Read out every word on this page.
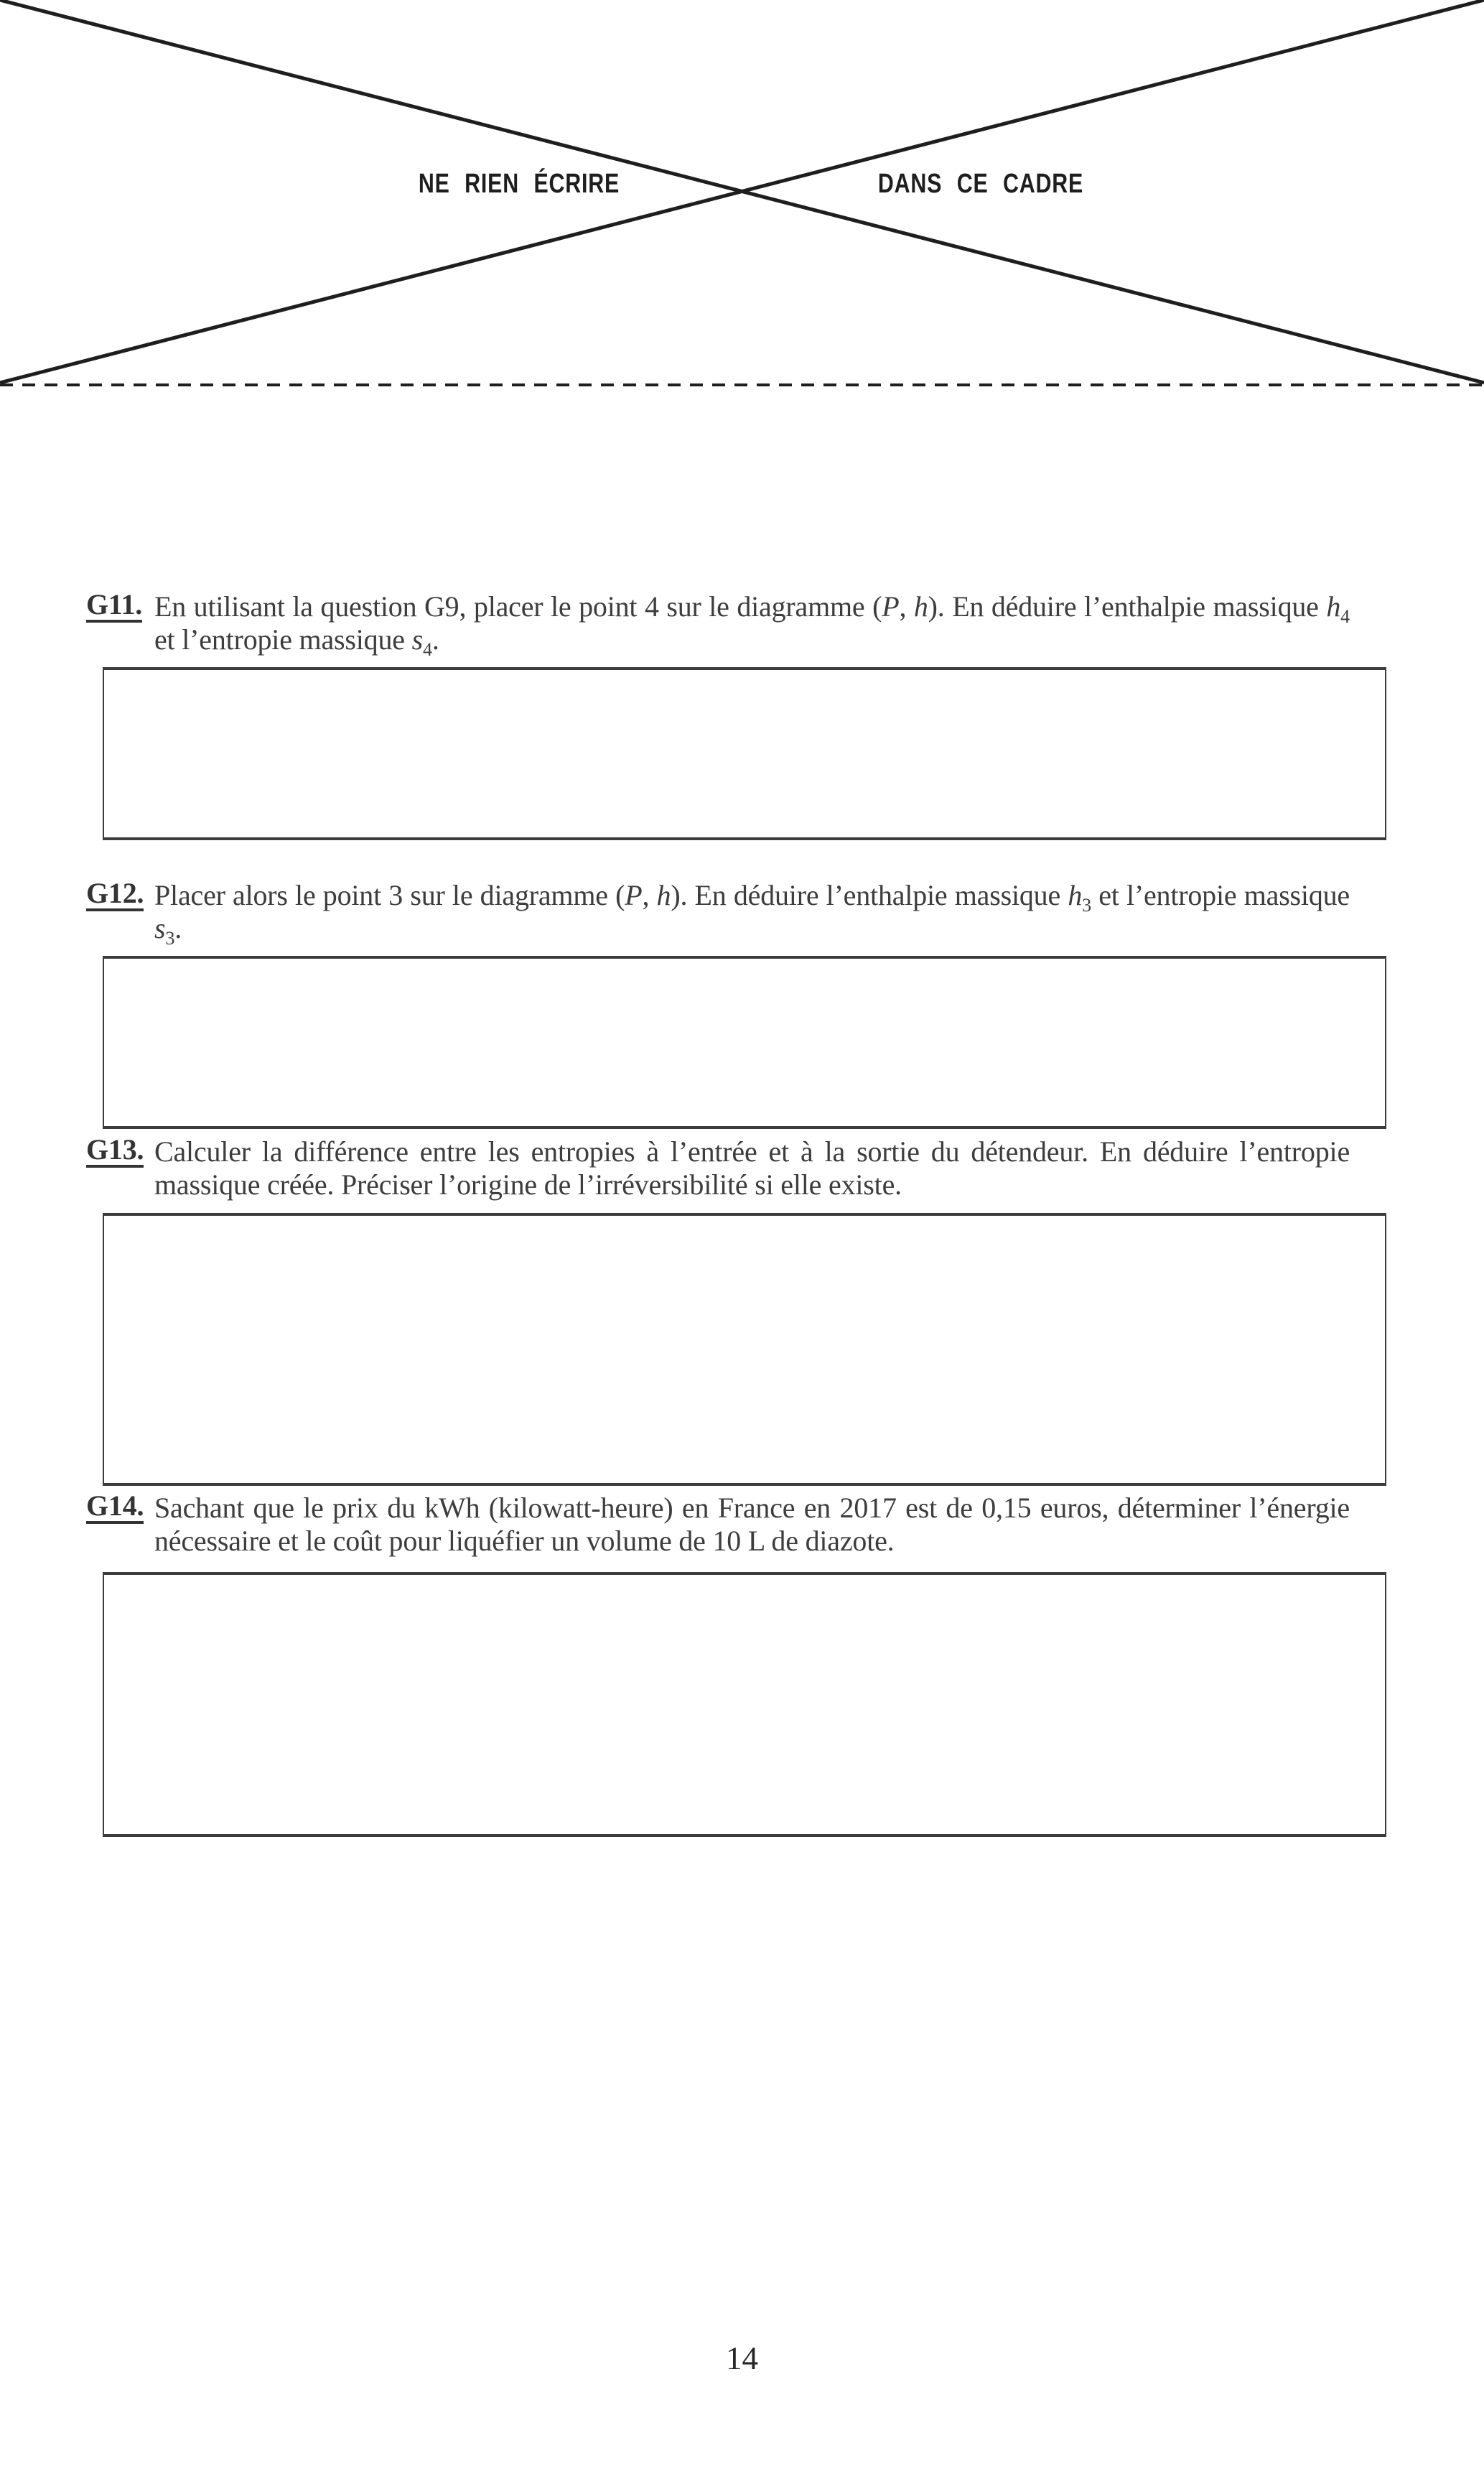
NE RIEN ÉCRIRE	DANS CE CADRE
G11. En utilisant la question G9, placer le point 4 sur le diagramme (P, h). En déduire l’enthalpie massique $h_4$ et l’entropie massique $s_4$.

G12. Placer alors le point 3 sur le diagramme (P, h). En déduire l’enthalpie massique $h_3$ et l’entropie massique $s_3$.

G13. Calculer la différence entre les entropies à l’entrée et à la sortie du détendeur. En déduire l’entropie massique créée. Préciser l’origine de l’irréversibilité si elle existe.

G14. Sachant que le prix du kWh (kilowatt-heure) en France en 2017 est de 0,15 euros, déterminer l’énergie nécessaire et le coût pour liquéfier un volume de 10 L de diazote.

14
